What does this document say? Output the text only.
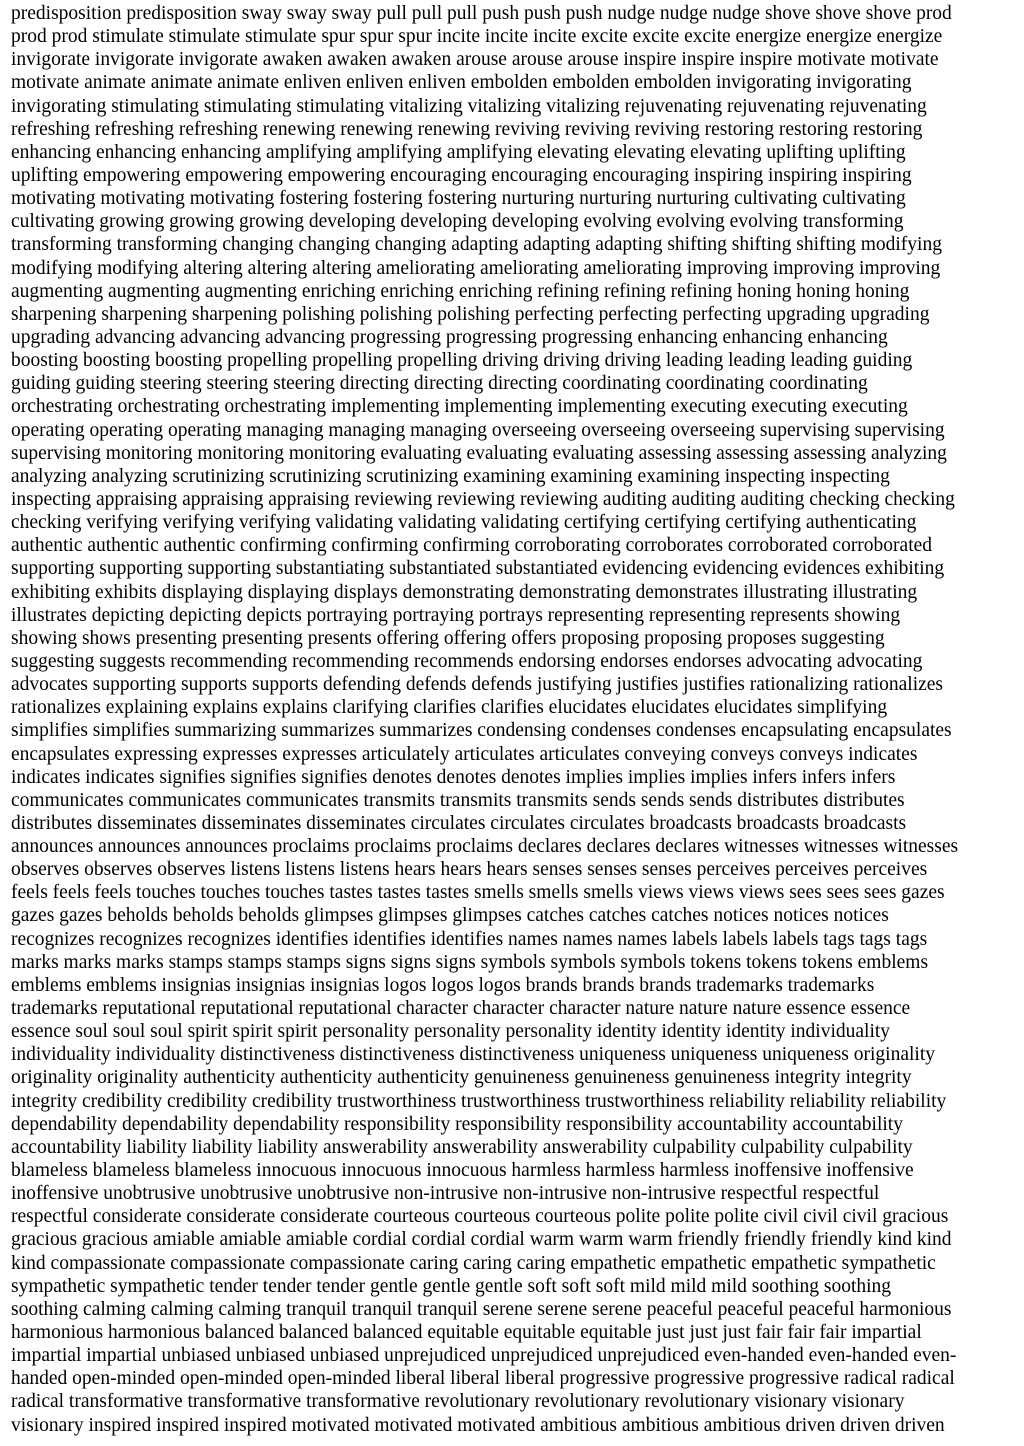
predisposition predisposition sway sway sway pull pull pull push push push nudge nudge nudge shove shove shove prod
prod prod stimulate stimulate stimulate spur spur spur incite incite incite excite excite excite energize energize energize
invigorate invigorate invigorate awaken awaken awaken arouse arouse arouse inspire inspire inspire motivate motivate
motivate animate animate animate enliven enliven enliven embolden embolden embolden invigorating invigorating
invigorating stimulating stimulating stimulating vitalizing vitalizing vitalizing rejuvenating rejuvenating rejuvenating
refreshing refreshing refreshing renewing renewing renewing reviving reviving reviving restoring restoring restoring
enhancing enhancing enhancing amplifying amplifying amplifying elevating elevating elevating uplifting uplifting
uplifting empowering empowering empowering encouraging encouraging encouraging inspiring inspiring inspiring
motivating motivating motivating fostering fostering fostering nurturing nurturing nurturing cultivating cultivating
cultivating growing growing growing developing developing developing evolving evolving evolving transforming
transforming transforming changing changing changing adapting adapting adapting shifting shifting shifting modifying
modifying modifying altering altering altering ameliorating ameliorating ameliorating improving improving improving
augmenting augmenting augmenting enriching enriching enriching refining refining refining honing honing honing
sharpening sharpening sharpening polishing polishing polishing perfecting perfecting perfecting upgrading upgrading
upgrading advancing advancing advancing progressing progressing progressing enhancing enhancing enhancing
boosting boosting boosting propelling propelling propelling driving driving driving leading leading leading guiding
guiding guiding steering steering steering directing directing directing coordinating coordinating coordinating
orchestrating orchestrating orchestrating implementing implementing implementing executing executing executing
operating operating operating managing managing managing overseeing overseeing overseeing supervising supervising
supervising monitoring monitoring monitoring evaluating evaluating evaluating assessing assessing assessing analyzing
analyzing analyzing scrutinizing scrutinizing scrutinizing examining examining examining inspecting inspecting
inspecting appraising appraising appraising reviewing reviewing reviewing auditing auditing auditing checking checking
checking verifying verifying verifying validating validating validating certifying certifying certifying authenticating
authentic authentic authentic confirming confirming confirming corroborating corroborates corroborated corroborated
supporting supporting supporting substantiating substantiated substantiated evidencing evidencing evidences exhibiting
exhibiting exhibits displaying displaying displays demonstrating demonstrating demonstrates illustrating illustrating
illustrates depicting depicting depicts portraying portraying portrays representing representing represents showing
showing shows presenting presenting presents offering offering offers proposing proposing proposes suggesting
suggesting suggests recommending recommending recommends endorsing endorses endorses advocating advocating
advocates supporting supports supports defending defends defends justifying justifies justifies rationalizing rationalizes
rationalizes explaining explains explains clarifying clarifies clarifies elucidates elucidates elucidates simplifying
simplifies simplifies summarizing summarizes summarizes condensing condenses condenses encapsulating encapsulates
encapsulates expressing expresses expresses articulately articulates articulates conveying conveys conveys indicates
indicates indicates signifies signifies signifies denotes denotes denotes implies implies implies infers infers infers
communicates communicates communicates transmits transmits transmits sends sends sends distributes distributes
distributes disseminates disseminates disseminates circulates circulates circulates broadcasts broadcasts broadcasts
announces announces announces proclaims proclaims proclaims declares declares declares witnesses witnesses witnesses
observes observes observes listens listens listens hears hears hears senses senses senses perceives perceives perceives
feels feels feels touches touches touches tastes tastes tastes smells smells smells views views views sees sees sees gazes
gazes gazes beholds beholds beholds glimpses glimpses glimpses catches catches catches notices notices notices
recognizes recognizes recognizes identifies identifies identifies names names names labels labels labels tags tags tags
marks marks marks stamps stamps stamps signs signs signs symbols symbols symbols tokens tokens tokens emblems
emblems emblems insignias insignias insignias logos logos logos brands brands brands trademarks trademarks
trademarks reputational reputational reputational character character character nature nature nature essence essence
essence soul soul soul spirit spirit spirit personality personality personality identity identity identity individuality
individuality individuality distinctiveness distinctiveness distinctiveness uniqueness uniqueness uniqueness originality
originality originality authenticity authenticity authenticity genuineness genuineness genuineness integrity integrity
integrity credibility credibility credibility trustworthiness trustworthiness trustworthiness reliability reliability reliability
dependability dependability dependability responsibility responsibility responsibility accountability accountability
accountability liability liability liability answerability answerability answerability culpability culpability culpability
blameless blameless blameless innocuous innocuous innocuous harmless harmless harmless inoffensive inoffensive
inoffensive unobtrusive unobtrusive unobtrusive non-intrusive non-intrusive non-intrusive respectful respectful
respectful considerate considerate considerate courteous courteous courteous polite polite polite civil civil civil gracious
gracious gracious amiable amiable amiable cordial cordial cordial warm warm warm friendly friendly friendly kind kind
kind compassionate compassionate compassionate caring caring caring empathetic empathetic empathetic sympathetic
sympathetic sympathetic tender tender tender gentle gentle gentle soft soft soft mild mild mild soothing soothing
soothing calming calming calming tranquil tranquil tranquil serene serene serene peaceful peaceful peaceful harmonious
harmonious harmonious balanced balanced balanced equitable equitable equitable just just just fair fair fair impartial
impartial impartial unbiased unbiased unbiased unprejudiced unprejudiced unprejudiced even-handed even-handed even-
handed open-minded open-minded open-minded liberal liberal liberal progressive progressive progressive radical radical
radical transformative transformative transformative revolutionary revolutionary revolutionary visionary visionary
visionary inspired inspired inspired motivated motivated motivated ambitious ambitious ambitious driven driven driven
